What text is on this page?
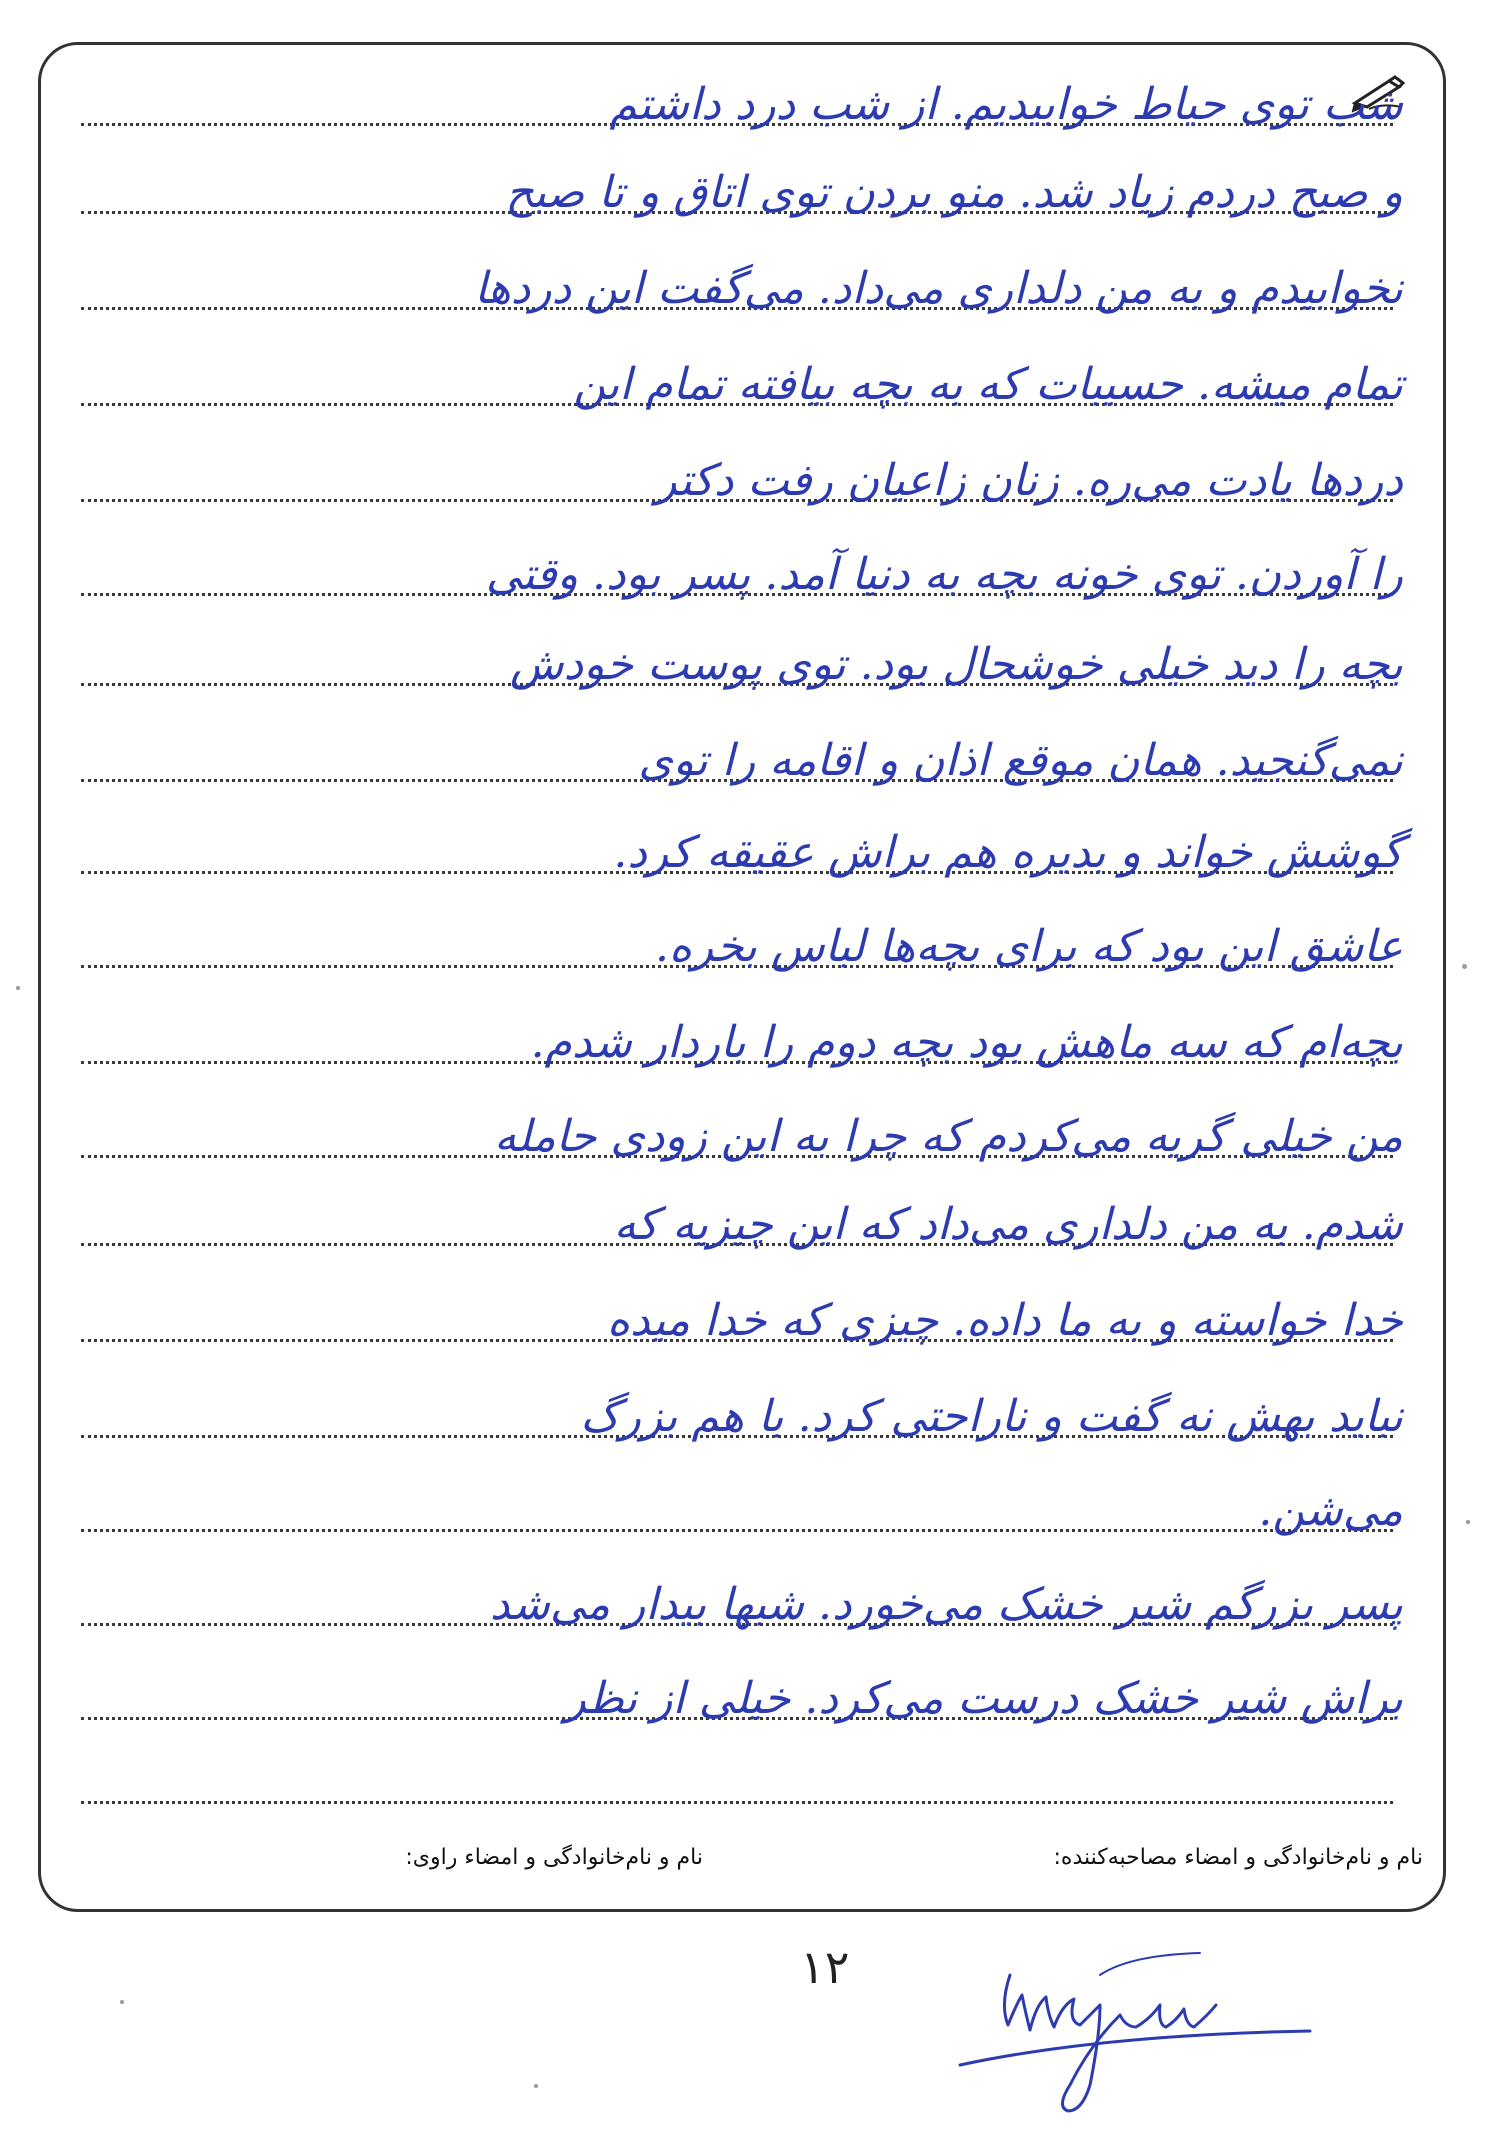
شب توی حیاط خوابیدیم. از شب درد داشتم
و صبح دردم زیاد شد. منو بردن توی اتاق و تا صبح
نخوابیدم و به من دلداری می‌داد. می‌گفت این دردها
تمام میشه. حسیبات که به بچه بیافته تمام این
دردها یادت می‌ره. زنان زاعیان رفت دکتر
را آوردن. توی خونه بچه به دنیا آمد. پسر بود. وقتی
بچه را دید خیلی خوشحال بود. توی پوست خودش
نمی‌گنجید. همان موقع اذان و اقامه را توی
گوشش خواند و بدیره هم براش عقیقه کرد.
عاشق این بود که برای بچه‌ها لباس بخره.
بچه‌ام که سه ماهش بود بچه دوم را باردار شدم.
من خیلی گریه می‌کردم که چرا به این زودی حامله
شدم. به من دلداری می‌داد که این چیزیه که
خدا خواسته و به ما داده. چیزی که خدا میده
نباید بهش نه گفت و ناراحتی کرد. با هم بزرگ
می‌شن.
پسر بزرگم شیر خشک می‌خورد. شبها بیدار می‌شد
براش شیر خشک درست می‌کرد. خیلی از نظر
نام و نام‌خانوادگی و امضاء مصاحبه‌کننده:
نام و نام‌خانوادگی و امضاء راوی:
۱۲
